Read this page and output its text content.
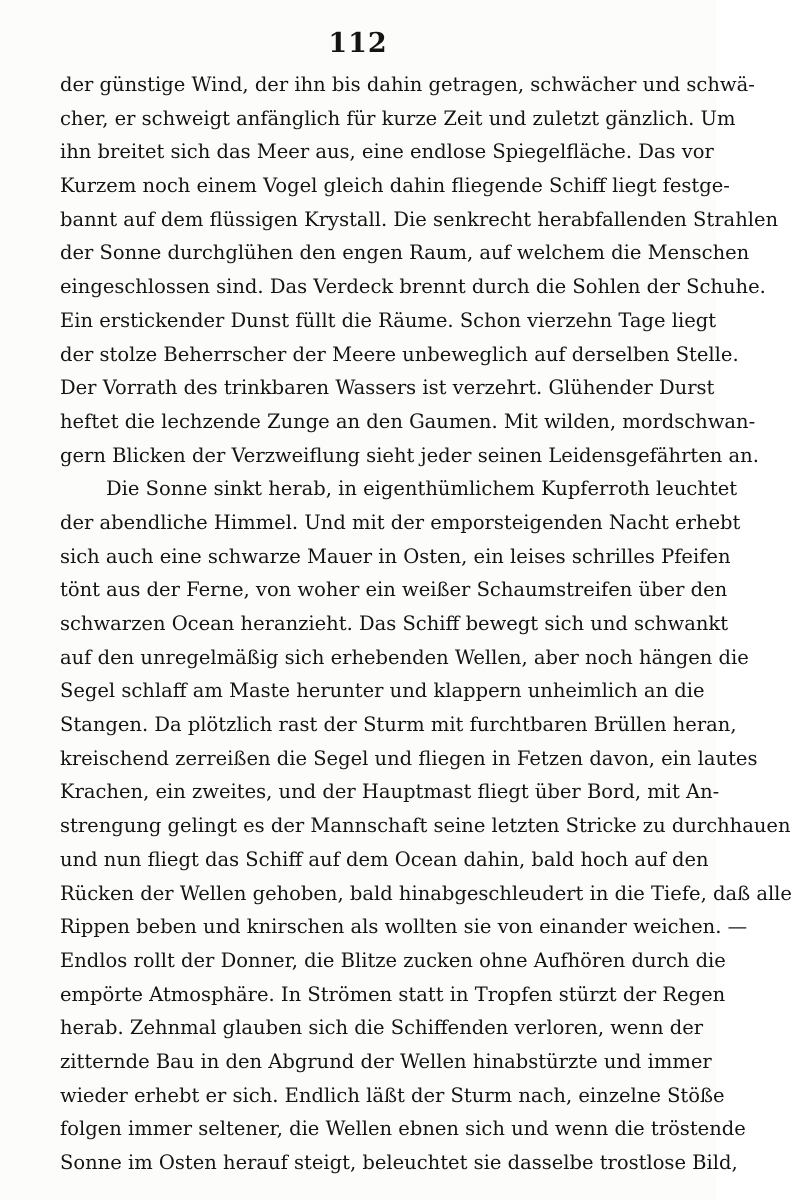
112
der günstige Wind, der ihn bis dahin getragen, schwächer und schwä-
cher, er schweigt anfänglich für kurze Zeit und zuletzt gänzlich. Um
ihn breitet sich das Meer aus, eine endlose Spiegelfläche. Das vor
Kurzem noch einem Vogel gleich dahin fliegende Schiff liegt festge-
bannt auf dem flüssigen Krystall. Die senkrecht herabfallenden Strahlen
der Sonne durchglühen den engen Raum, auf welchem die Menschen
eingeschlossen sind. Das Verdeck brennt durch die Sohlen der Schuhe.
Ein erstickender Dunst füllt die Räume. Schon vierzehn Tage liegt
der stolze Beherrscher der Meere unbeweglich auf derselben Stelle.
Der Vorrath des trinkbaren Wassers ist verzehrt. Glühender Durst
heftet die lechzende Zunge an den Gaumen. Mit wilden, mordschwan-
gern Blicken der Verzweiflung sieht jeder seinen Leidensgefährten an.
Die Sonne sinkt herab, in eigenthümlichem Kupferroth leuchtet
der abendliche Himmel. Und mit der emporsteigenden Nacht erhebt
sich auch eine schwarze Mauer in Osten, ein leises schrilles Pfeifen
tönt aus der Ferne, von woher ein weißer Schaumstreifen über den
schwarzen Ocean heranzieht. Das Schiff bewegt sich und schwankt
auf den unregelmäßig sich erhebenden Wellen, aber noch hängen die
Segel schlaff am Maste herunter und klappern unheimlich an die
Stangen. Da plötzlich rast der Sturm mit furchtbaren Brüllen heran,
kreischend zerreißen die Segel und fliegen in Fetzen davon, ein lautes
Krachen, ein zweites, und der Hauptmast fliegt über Bord, mit An-
strengung gelingt es der Mannschaft seine letzten Stricke zu durchhauen
und nun fliegt das Schiff auf dem Ocean dahin, bald hoch auf den
Rücken der Wellen gehoben, bald hinabgeschleudert in die Tiefe, daß alle
Rippen beben und knirschen als wollten sie von einander weichen. —
Endlos rollt der Donner, die Blitze zucken ohne Aufhören durch die
empörte Atmosphäre. In Strömen statt in Tropfen stürzt der Regen
herab. Zehnmal glauben sich die Schiffenden verloren, wenn der
zitternde Bau in den Abgrund der Wellen hinabstürzte und immer
wieder erhebt er sich. Endlich läßt der Sturm nach, einzelne Stöße
folgen immer seltener, die Wellen ebnen sich und wenn die tröstende
Sonne im Osten herauf steigt, beleuchtet sie dasselbe trostlose Bild,
